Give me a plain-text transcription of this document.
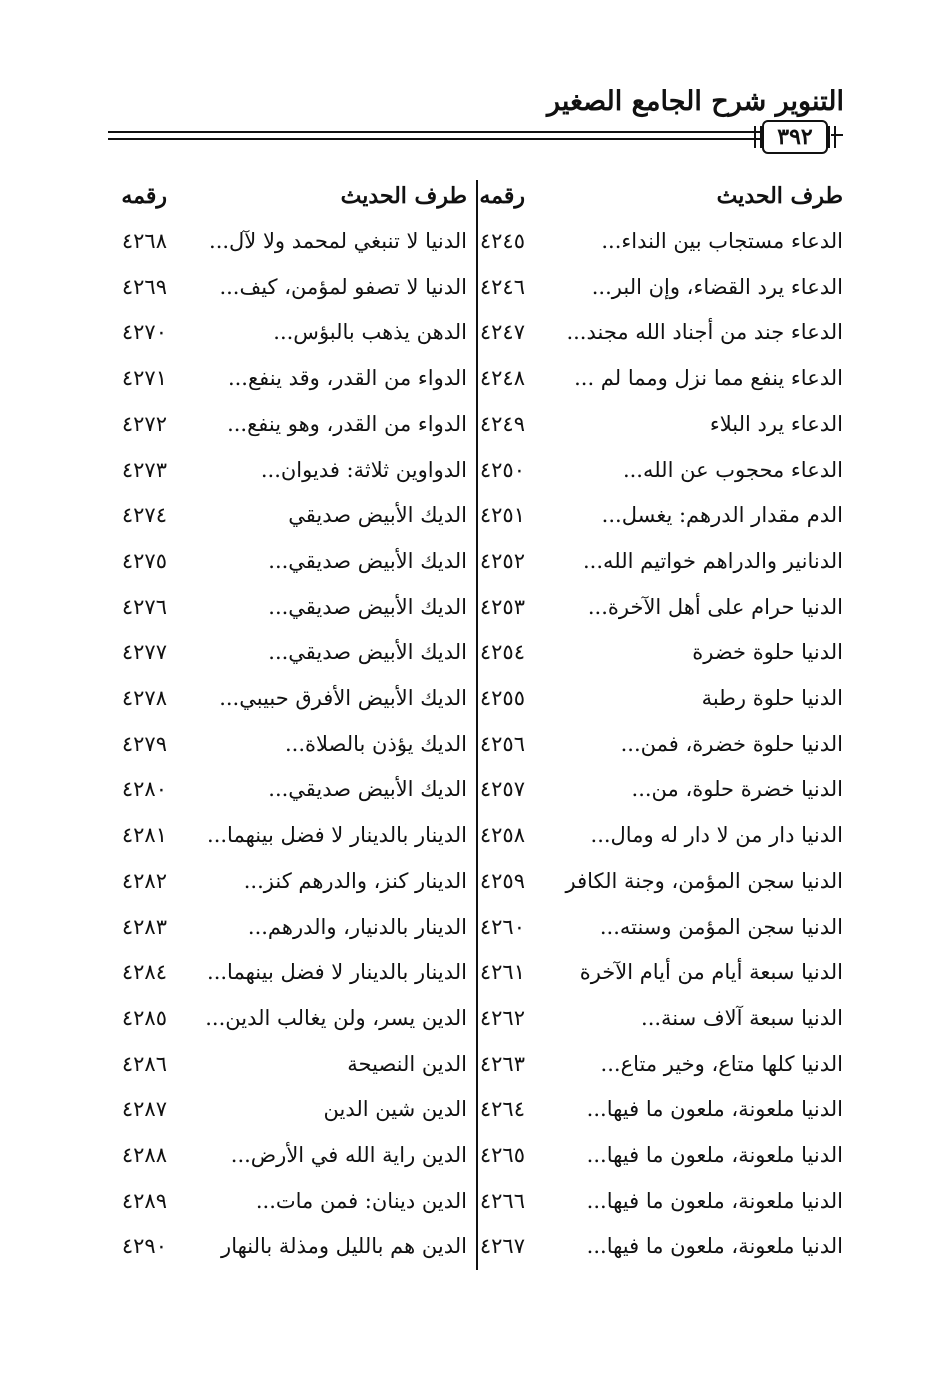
التنوير شرح الجامع الصغير
٣٩٢
طرف الحديث
رقمه
طرف الحديث
رقمه
الدعاء مستجاب بين النداء...
٤٢٤٥
الدعاء يرد القضاء، وإن البر...
٤٢٤٦
الدعاء جند من أجناد الله مجند...
٤٢٤٧
الدعاء ينفع مما نزل ومما لم ...
٤٢٤٨
الدعاء يرد البلاء
٤٢٤٩
الدعاء محجوب عن الله...
٤٢٥٠
الدم مقدار الدرهم: يغسل...
٤٢٥١
الدنانير والدراهم خواتيم الله...
٤٢٥٢
الدنيا حرام على أهل الآخرة...
٤٢٥٣
الدنيا حلوة خضرة
٤٢٥٤
الدنيا حلوة رطبة
٤٢٥٥
الدنيا حلوة خضرة، فمن...
٤٢٥٦
الدنيا خضرة حلوة، من...
٤٢٥٧
الدنيا دار من لا دار له ومال...
٤٢٥٨
الدنيا سجن المؤمن، وجنة الكافر
٤٢٥٩
الدنيا سجن المؤمن وسنته...
٤٢٦٠
الدنيا سبعة أيام من أيام الآخرة
٤٢٦١
الدنيا سبعة آلاف سنة...
٤٢٦٢
الدنيا كلها متاع، وخير متاع...
٤٢٦٣
الدنيا ملعونة، ملعون ما فيها...
٤٢٦٤
الدنيا ملعونة، ملعون ما فيها...
٤٢٦٥
الدنيا ملعونة، ملعون ما فيها...
٤٢٦٦
الدنيا ملعونة، ملعون ما فيها...
٤٢٦٧
الدنيا لا تنبغي لمحمد ولا لآل...
٤٢٦٨
الدنيا لا تصفو لمؤمن، كيف...
٤٢٦٩
الدهن يذهب بالبؤس...
٤٢٧٠
الدواء من القدر، وقد ينفع...
٤٢٧١
الدواء من القدر، وهو ينفع...
٤٢٧٢
الدواوين ثلاثة: فديوان...
٤٢٧٣
الديك الأبيض صديقي
٤٢٧٤
الديك الأبيض صديقي...
٤٢٧٥
الديك الأبيض صديقي...
٤٢٧٦
الديك الأبيض صديقي...
٤٢٧٧
الديك الأبيض الأفرق حبيبي...
٤٢٧٨
الديك يؤذن بالصلاة...
٤٢٧٩
الديك الأبيض صديقي...
٤٢٨٠
الدينار بالدينار لا فضل بينهما...
٤٢٨١
الدينار كنز، والدرهم كنز...
٤٢٨٢
الدينار بالدنيار، والدرهم...
٤٢٨٣
الدينار بالدينار لا فضل بينهما...
٤٢٨٤
الدين يسر، ولن يغالب الدين...
٤٢٨٥
الدين النصيحة
٤٢٨٦
الدين شين الدين
٤٢٨٧
الدين راية الله في الأرض...
٤٢٨٨
الدين دينان: فمن مات...
٤٢٨٩
الدين هم بالليل ومذلة بالنهار
٤٢٩٠
